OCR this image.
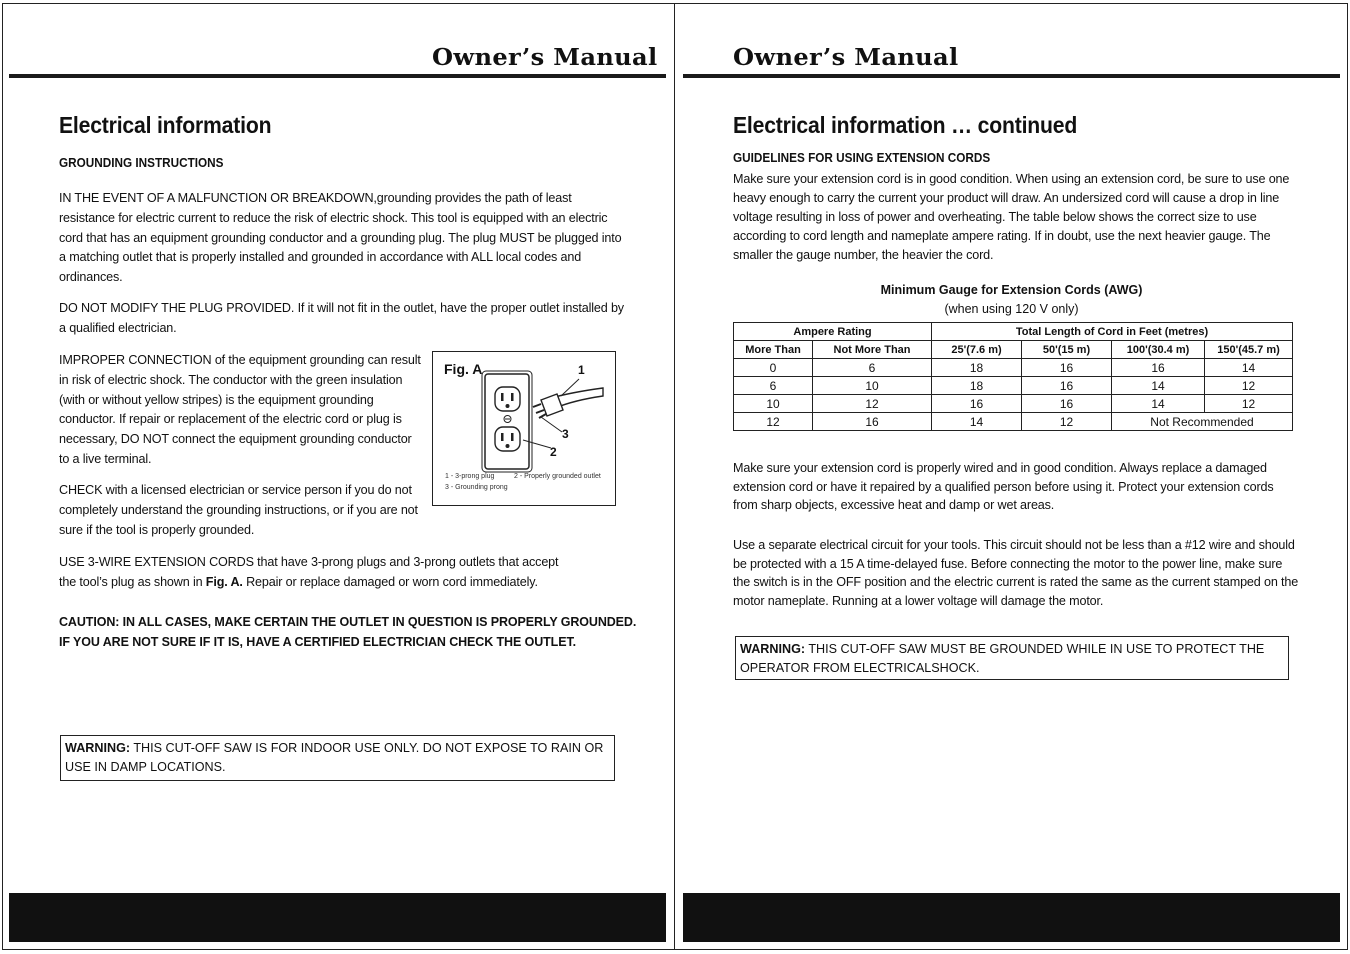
Owner’s Manual
Electrical information
GROUNDING INSTRUCTIONS

IN THE EVENT OF A MALFUNCTION OR BREAKDOWN,grounding provides the path of least resistance for electric current to reduce the risk of electric shock. This tool is equipped with an electric cord that has an equipment grounding conductor and a grounding plug. The plug MUST be plugged into a matching outlet that is properly installed and grounded in accordance with ALL local codes and ordinances.

DO NOT MODIFY THE PLUG PROVIDED. If it will not fit in the outlet, have the proper outlet installed by a qualified electrician.

IMPROPER CONNECTION of the equipment grounding can result in risk of electric shock. The conductor with the green insulation (with or without yellow stripes) is the equipment grounding conductor. If repair or replacement of the electric cord or plug is necessary, DO NOT connect the equipment grounding conductor to a live terminal.

CHECK with a licensed electrician or service person if you do not completely understand the grounding instructions, or if you are not sure if the tool is properly grounded.

USE 3-WIRE EXTENSION CORDS that have 3-prong plugs and 3-prong outlets that accept the tool’s plug as shown in Fig. A. Repair or replace damaged or worn cord immediately.

CAUTION: IN ALL CASES, MAKE CERTAIN THE OUTLET IN QUESTION IS PROPERLY GROUNDED.
IF YOU ARE NOT SURE IF IT IS, HAVE A CERTIFIED ELECTRICIAN CHECK THE OUTLET.

WARNING: THIS CUT-OFF SAW IS FOR INDOOR USE ONLY. DO NOT EXPOSE TO RAIN OR USE IN DAMP LOCATIONS.
Fig. A	1
3
2
1 - 3-prong plug	2 - Properly grounded outlet
3 - Grounding prong
Owner’s Manual
Electrical information … continued
GUIDELINES FOR USING EXTENSION CORDS

Make sure your extension cord is in good condition. When using an extension cord, be sure to use one heavy enough to carry the current your product will draw. An undersized cord will cause a drop in line voltage resulting in loss of power and overheating. The table below shows the correct size to use according to cord length and nameplate ampere rating. If in doubt, use the next heavier gauge. The smaller the gauge number, the heavier the cord.

Minimum Gauge for Extension Cords (AWG)
(when using 120 V only)
Ampere Rating		Total Length of Cord in Feet (metres)			
More Than	Not More Than	25'(7.6 m)	50'(15 m)	100'(30.4 m)	150'(45.7 m)
0	6	18	16	16	14
6	10	18	16	14	12
10	12	16	16	14	12
12	16	14	12	Not Recommended	

Make sure your extension cord is properly wired and in good condition. Always replace a damaged extension cord or have it repaired by a qualified person before using it. Protect your extension cords from sharp objects, excessive heat and damp or wet areas.

Use a separate electrical circuit for your tools. This circuit should not be less than a #12 wire and should be protected with a 15 A time-delayed fuse. Before connecting the motor to the power line, make sure the switch is in the OFF position and the electric current is rated the same as the current stamped on the motor nameplate. Running at a lower voltage will damage the motor.

WARNING: THIS CUT-OFF SAW MUST BE GROUNDED WHILE IN USE TO PROTECT THE OPERATOR FROM ELECTRICALSHOCK.
